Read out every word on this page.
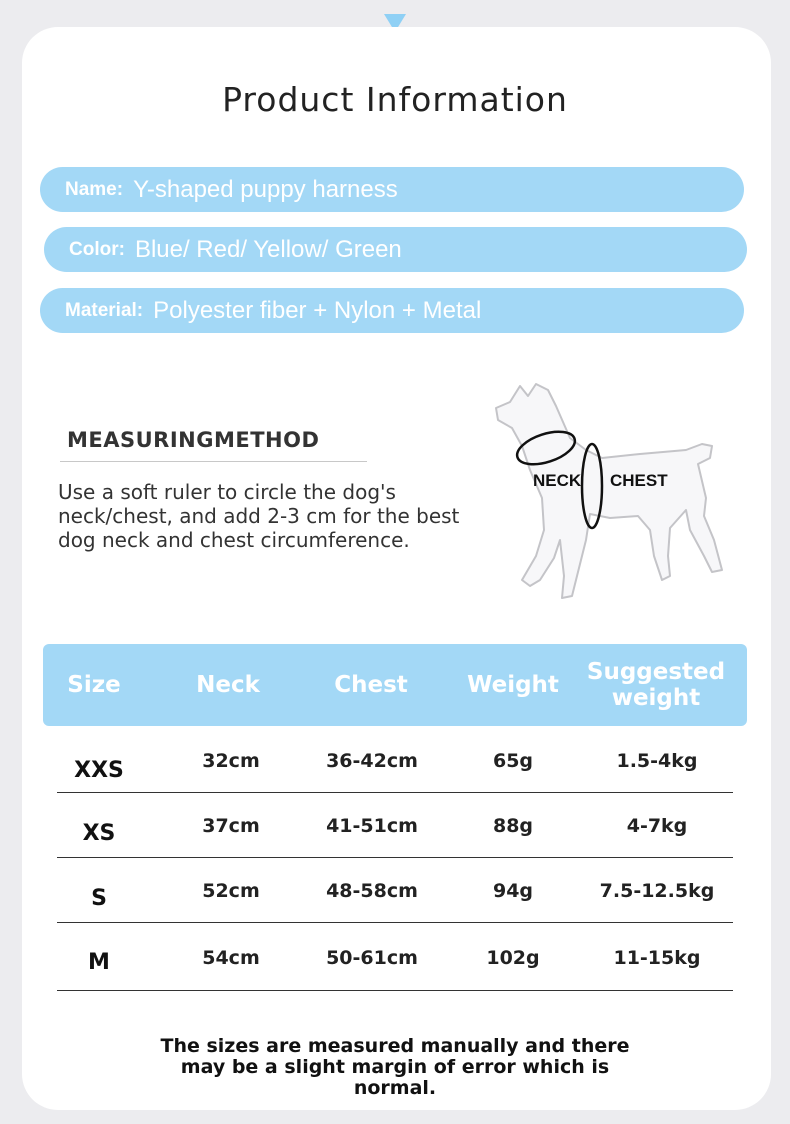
Product Information
Name: Y-shaped puppy harness
Color: Blue/ Red/ Yellow/ Green
Material: Polyester fiber + Nylon + Metal
MEASURINGMETHOD
Use a soft ruler to circle the dog's neck/chest, and add 2-3 cm for the best dog neck and chest circumference.
NECK CHEST
Size	Neck	Chest	Weight	Suggested weight
XXS	32cm	36-42cm	65g	1.5-4kg
XS	37cm	41-51cm	88g	4-7kg
S	52cm	48-58cm	94g	7.5-12.5kg
M	54cm	50-61cm	102g	11-15kg
The sizes are measured manually and there may be a slight margin of error which is normal.
